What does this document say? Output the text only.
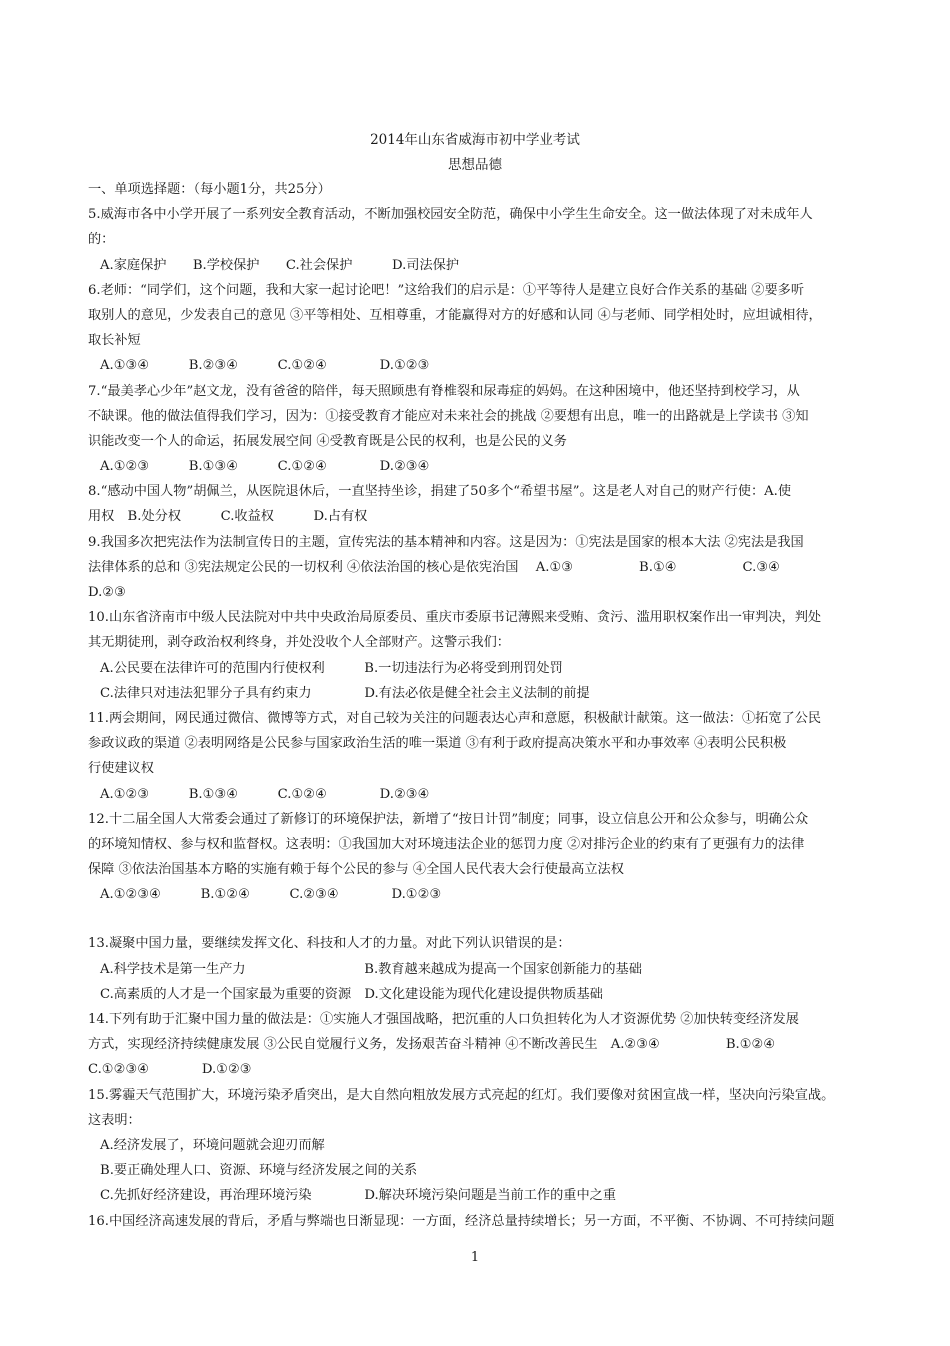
2014年山东省威海市初中学业考试
思想品德
一、单项选择题：（每小题1分，共25分）
5.威海市各中小学开展了一系列安全教育活动，不断加强校园安全防范，确保中小学生生命安全。这一做法体现了对未成年人
的：
A.家庭保护　　B.学校保护　　C.社会保护　　　D.司法保护
6.老师：“同学们，这个问题，我和大家一起讨论吧！”这给我们的启示是：①平等待人是建立良好合作关系的基础 ②要多听
取别人的意见，少发表自己的意见 ③平等相处、互相尊重，才能赢得对方的好感和认同 ④与老师、同学相处时，应坦诚相待，
取长补短
A.①③④　　　B.②③④　　　C.①②④　　　　D.①②③
7.“最美孝心少年”赵文龙，没有爸爸的陪伴，每天照顾患有脊椎裂和尿毒症的妈妈。在这种困境中，他还坚持到校学习，从
不缺课。他的做法值得我们学习，因为：①接受教育才能应对未来社会的挑战 ②要想有出息，唯一的出路就是上学读书 ③知
识能改变一个人的命运，拓展发展空间 ④受教育既是公民的权利，也是公民的义务
A.①②③　　　B.①③④　　　C.①②④　　　　D.②③④
8.“感动中国人物”胡佩兰，从医院退休后，一直坚持坐诊，捐建了50多个“希望书屋”。这是老人对自己的财产行使：A.使
用权　B.处分权　　　C.收益权　　　D.占有权
9.我国多次把宪法作为法制宣传日的主题，宣传宪法的基本精神和内容。这是因为：①宪法是国家的根本大法 ②宪法是我国
法律体系的总和 ③宪法规定公民的一切权利 ④依法治国的核心是依宪治国　 A.①③　　　　　B.①④　　　　　C.③④
D.②③
10.山东省济南市中级人民法院对中共中央政治局原委员、重庆市委原书记薄熙来受贿、贪污、滥用职权案作出一审判决，判处
其无期徒刑，剥夺政治权利终身，并处没收个人全部财产。这警示我们：
A.公民要在法律许可的范围内行使权利　　　B.一切违法行为必将受到刑罚处罚
C.法律只对违法犯罪分子具有约束力　　　　D.有法必依是健全社会主义法制的前提
11.两会期间，网民通过微信、微博等方式，对自己较为关注的问题表达心声和意愿，积极献计献策。这一做法：①拓宽了公民
参政议政的渠道 ②表明网络是公民参与国家政治生活的唯一渠道 ③有利于政府提高决策水平和办事效率 ④表明公民积极
行使建议权
A.①②③　　　B.①③④　　　C.①②④　　　　D.②③④
12.十二届全国人大常委会通过了新修订的环境保护法，新增了“按日计罚”制度；同事，设立信息公开和公众参与，明确公众
的环境知情权、参与权和监督权。这表明：①我国加大对环境违法企业的惩罚力度 ②对排污企业的约束有了更强有力的法律
保障 ③依法治国基本方略的实施有赖于每个公民的参与 ④全国人民代表大会行使最高立法权
A.①②③④　　　B.①②④　　　C.②③④　　　　D.①②③
13.凝聚中国力量，要继续发挥文化、科技和人才的力量。对此下列认识错误的是：
A.科学技术是第一生产力　　　　　　　　　B.教育越来越成为提高一个国家创新能力的基础
C.高素质的人才是一个国家最为重要的资源　D.文化建设能为现代化建设提供物质基础
14.下列有助于汇聚中国力量的做法是：①实施人才强国战略，把沉重的人口负担转化为人才资源优势 ②加快转变经济发展
方式，实现经济持续健康发展 ③公民自觉履行义务，发扬艰苦奋斗精神 ④不断改善民生　A.②③④　　　　　B.①②④
C.①②③④　　　　D.①②③
15.雾霾天气范围扩大，环境污染矛盾突出，是大自然向粗放发展方式亮起的红灯。我们要像对贫困宣战一样，坚决向污染宣战。
这表明：
A.经济发展了，环境问题就会迎刃而解
B.要正确处理人口、资源、环境与经济发展之间的关系
C.先抓好经济建设，再治理环境污染　　　　D.解决环境污染问题是当前工作的重中之重
16.中国经济高速发展的背后，矛盾与弊端也日渐显现：一方面，经济总量持续增长；另一方面，不平衡、不协调、不可持续问题
1
